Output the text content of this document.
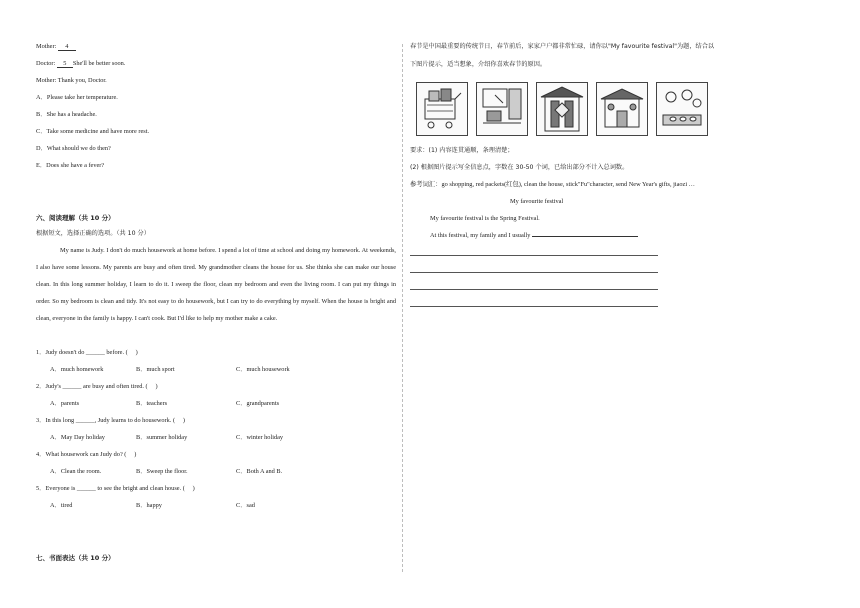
Mother: 4
Doctor: 5 She'll be better soon.
Mother: Thank you, Doctor.
A．Please take her temperature.
B．She has a headache.
C．Take some medicine and have more rest.
D．What should we do then?
E．Does she have a fever?
六、阅读理解（共 10 分）
根据短文，选择正确的选项。（共 10 分）
My name is Judy. I don't do much housework at home before. I spend a lot of time at school and doing my homework. At weekends, I also have some lessons. My parents are busy and often tired. My grandmother cleans the house for us. She thinks she can make our house clean. In this long summer holiday, I learn to do it. I sweep the floor, clean my bedroom and even the living room. I can put my things in order. So my bedroom is clean and tidy. It's not easy to do housework, but I can try to do everything by myself. When the house is bright and clean, everyone in the family is happy. I can't cook. But I'd like to help my mother make a cake.
1．Judy doesn't do ______ before. (　 )
A．much homework	B．much sport	C．much housework
2．Judy's ______ are busy and often tired. (　 )
A．parents	B．teachers	C．grandparents
3．In this long ______, Judy learns to do housework. (　 )
A．May Day holiday	B．summer holiday	C．winter holiday
4．What housework can Judy do? (　 )
A．Clean the room.	B．Sweep the floor.	C．Both A and B.
5．Everyone is ______ to see the bright and clean house. (　 )
A．tired	B．happy	C．sad
七、书面表达（共 10 分）
春节是中国最重要的传统节日，春节前后，家家户户都非常忙碌，请你以"My favourite festival"为题，结合以
下图片提示，适当想象，介绍你喜欢春节的原因。
要求：(1) 内容连贯通顺，条理清楚；
(2) 根据图片提示写全信息点，字数在 30-50 个词，已给出部分不计入总词数。
参考词汇：go shopping, red packets(红包), clean the house, stick"Fu"character, send New Year's gifts, jiaozi …
My favourite festival
My favourite festival is the Spring Festival.
At this festival, my family and I usually
